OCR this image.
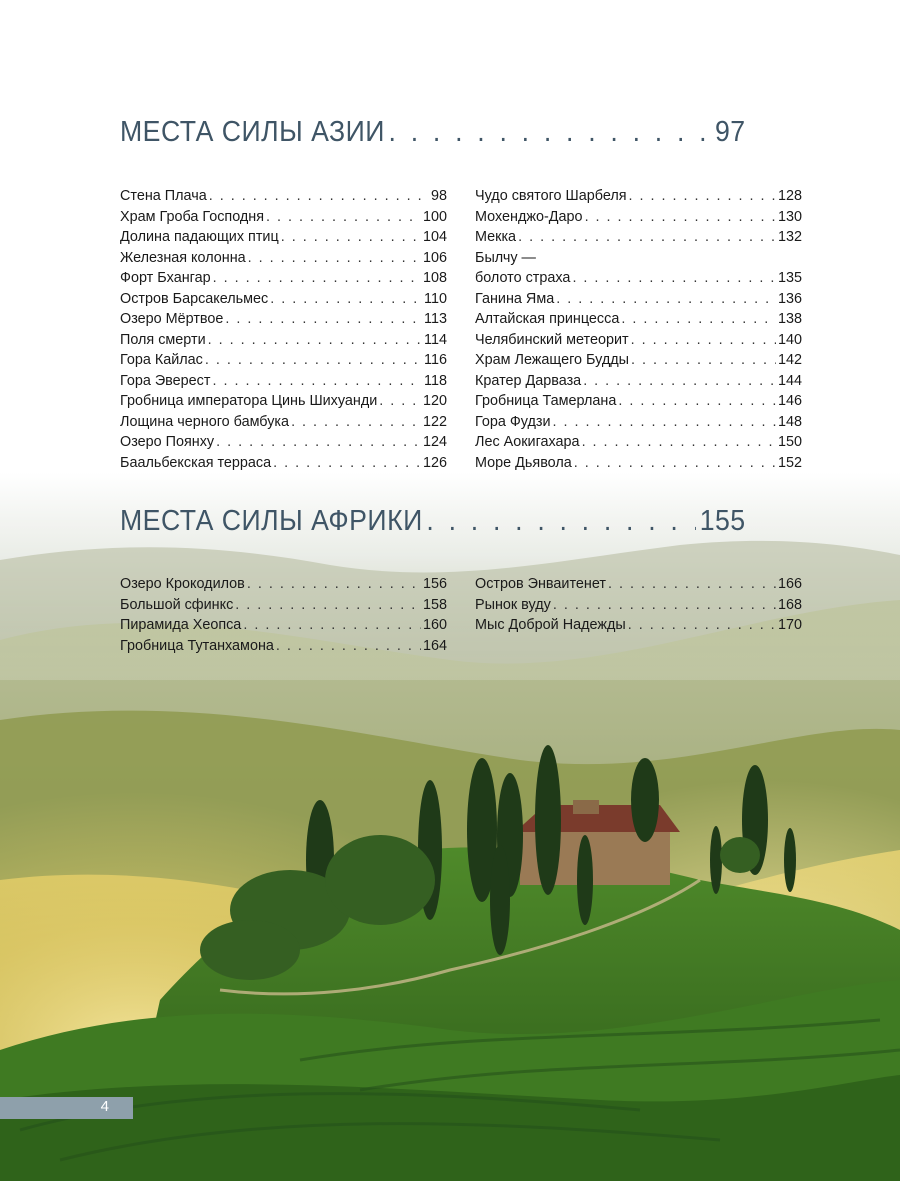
МЕСТА СИЛЫ АЗИИ . . .	97
Стена Плача . . .	98
Храм Гроба Господня . . .	100
Долина падающих птиц . . .	104
Железная колонна . . .	106
Форт Бхангар . . .	108
Остров Барсакельмес . . .	110
Озеро Мёртвое . . .	113
Поля смерти . . .	114
Гора Кайлас . . .	116
Гора Эверест . . .	118
Гробница императора Цинь Шихуанди . . .	120
Лощина черного бамбука . . .	122
Озеро Поянху . . .	124
Баальбекская терраса . . .	126
Чудо святого Шарбеля . . .	128
Мохенджо-Даро . . .	130
Мекка . . .	132
Былчу —
болото страха . . .	135
Ганина Яма . . .	136
Алтайская принцесса . . .	138
Челябинский метеорит . . .	140
Храм Лежащего Будды . . .	142
Кратер Дарваза . . .	144
Гробница Тамерлана . . .	146
Гора Фудзи . . .	148
Лес Аокигахара . . .	150
Море Дьявола . . .	152
МЕСТА СИЛЫ АФРИКИ . . .	155
Озеро Крокодилов . . .	156
Большой сфинкс . . .	158
Пирамида Хеопса . . .	160
Гробница Тутанхамона . . .	164
Остров Энваитенет . . .	166
Рынок вуду . . .	168
Мыс Доброй Надежды . . .	170
4
